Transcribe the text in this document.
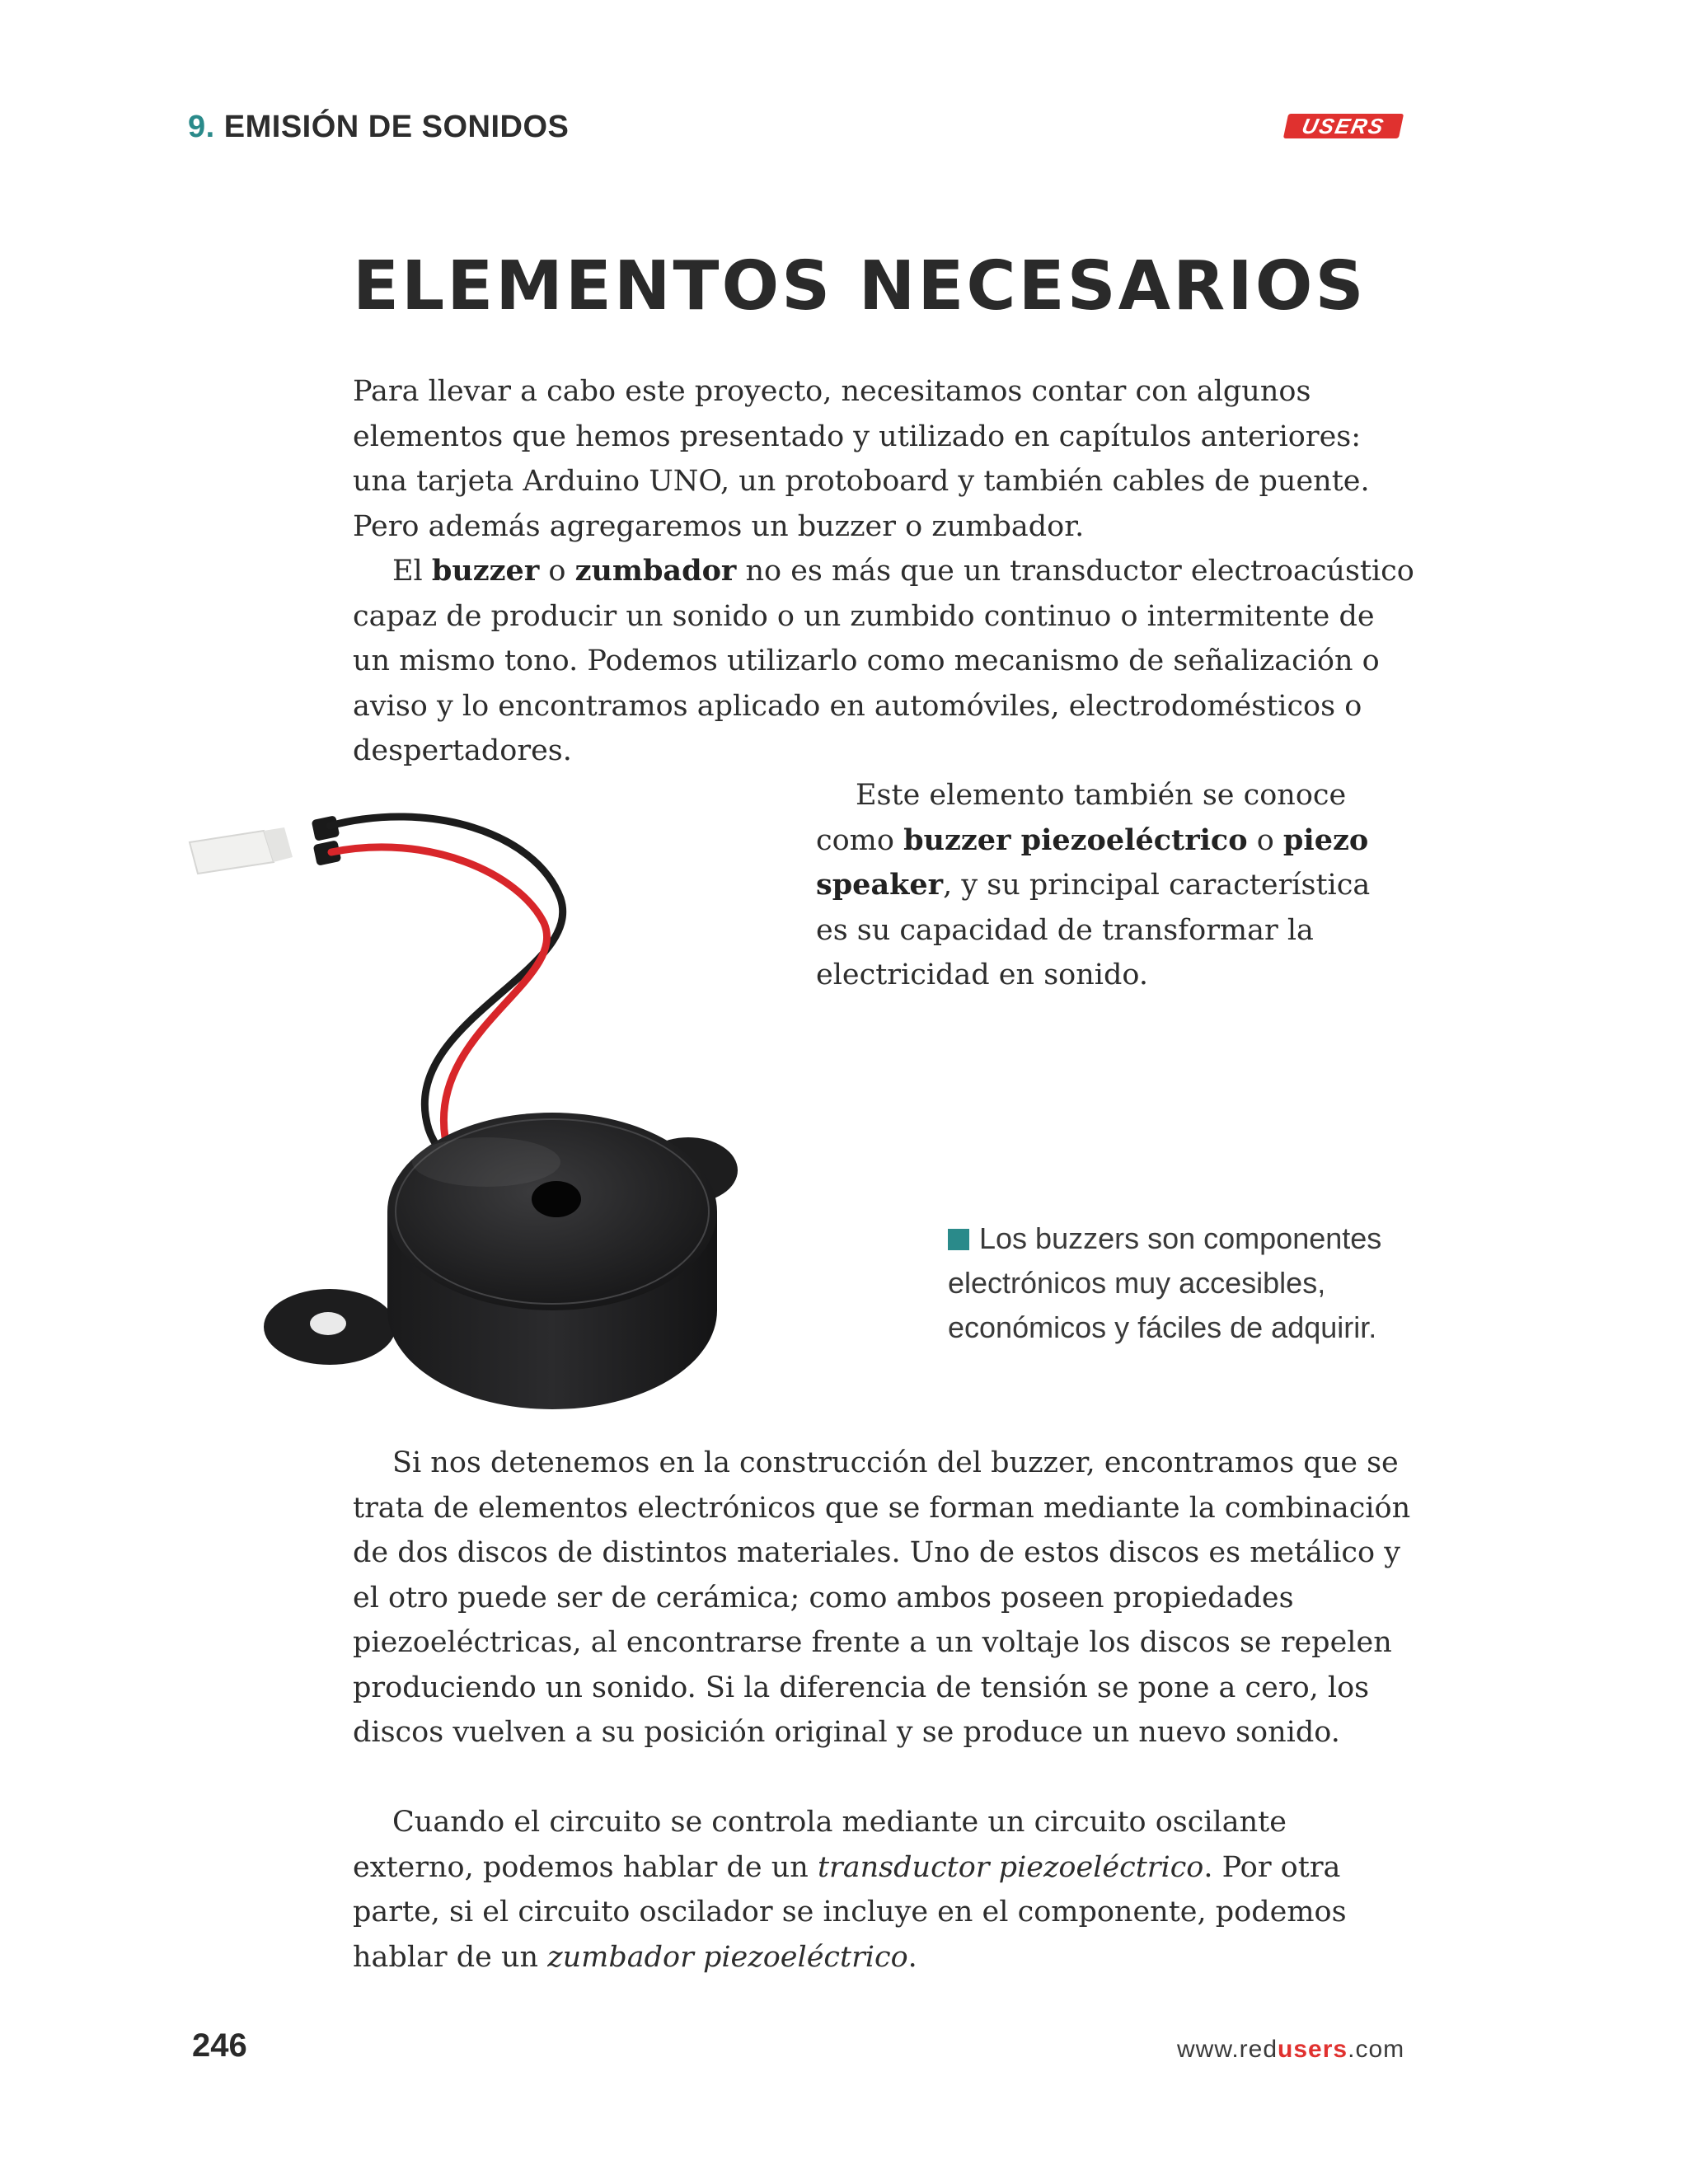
9. EMISIÓN DE SONIDOS	USERS
ELEMENTOS NECESARIOS

Para llevar a cabo este proyecto, necesitamos contar con algunos elementos que hemos presentado y utilizado en capítulos anteriores: una tarjeta Arduino UNO, un protoboard y también cables de puente. Pero además agregaremos un buzzer o zumbador.

El buzzer o zumbador no es más que un transductor electroacústico capaz de producir un sonido o un zumbido continuo o intermitente de un mismo tono. Podemos utilizarlo como mecanismo de señalización o aviso y lo encontramos aplicado en automóviles, electrodomésticos o despertadores.

Este elemento también se conoce como buzzer piezoeléctrico o piezo speaker, y su principal característica es su capacidad de transformar la electricidad en sonido.

Los buzzers son componentes electrónicos muy accesibles, económicos y fáciles de adquirir.

Si nos detenemos en la construcción del buzzer, encontramos que se trata de elementos electrónicos que se forman mediante la combinación de dos discos de distintos materiales. Uno de estos discos es metálico y el otro puede ser de cerámica; como ambos poseen propiedades piezoeléctricas, al encontrarse frente a un voltaje los discos se repelen produciendo un sonido. Si la diferencia de tensión se pone a cero, los discos vuelven a su posición original y se produce un nuevo sonido.

Cuando el circuito se controla mediante un circuito oscilante externo, podemos hablar de un transductor piezoeléctrico. Por otra parte, si el circuito oscilador se incluye en el componente, podemos hablar de un zumbador piezoeléctrico.

246	www.redusers.com
